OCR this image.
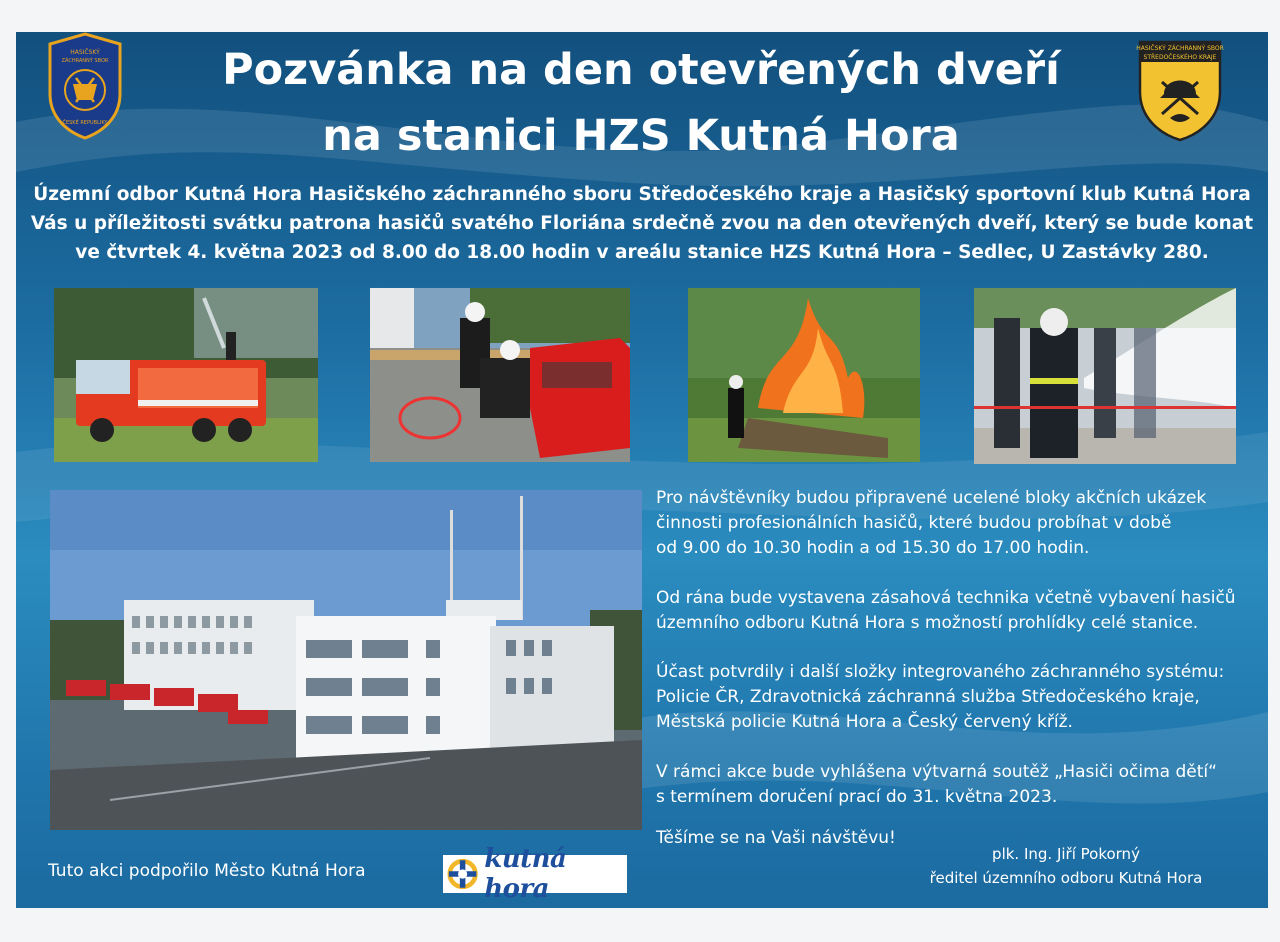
HASIČSKÝ
ZÁCHRANNÝ SBOR
ČESKÉ REPUBLIKY
HASIČSKÝ ZÁCHRANNÝ SBOR
STŘEDOČESKÉHO KRAJE
Pozvánka na den otevřených dveří
na stanici HZS Kutná Hora
Územní odbor Kutná Hora Hasičského záchranného sboru Středočeského kraje a Hasičský sportovní klub Kutná Hora
Vás u příležitosti svátku patrona hasičů svatého Floriána srdečně zvou na den otevřených dveří, který se bude konat
ve čtvrtek 4. května 2023 od 8.00 do 18.00 hodin v areálu stanice HZS Kutná Hora – Sedlec, U Zastávky 280.
Pro návštěvníky budou připravené ucelené bloky akčních ukázek
činnosti profesionálních hasičů, které budou probíhat v době
od 9.00 do 10.30 hodin a od 15.30 do 17.00 hodin.
Od rána bude vystavena zásahová technika včetně vybavení hasičů
územního odboru Kutná Hora s možností prohlídky celé stanice.
Účast potvrdily i další složky integrovaného záchranného systému:
Policie ČR, Zdravotnická záchranná služba Středočeského kraje,
Městská policie Kutná Hora a Český červený kříž.
V rámci akce bude vyhlášena výtvarná soutěž „Hasiči očima dětí“
s termínem doručení prací do 31. května 2023.
Těšíme se na Vaši návštěvu!
Tuto akci podpořilo Město Kutná Hora	kutná hora
plk. Ing. Jiří Pokorný
ředitel územního odboru Kutná Hora
